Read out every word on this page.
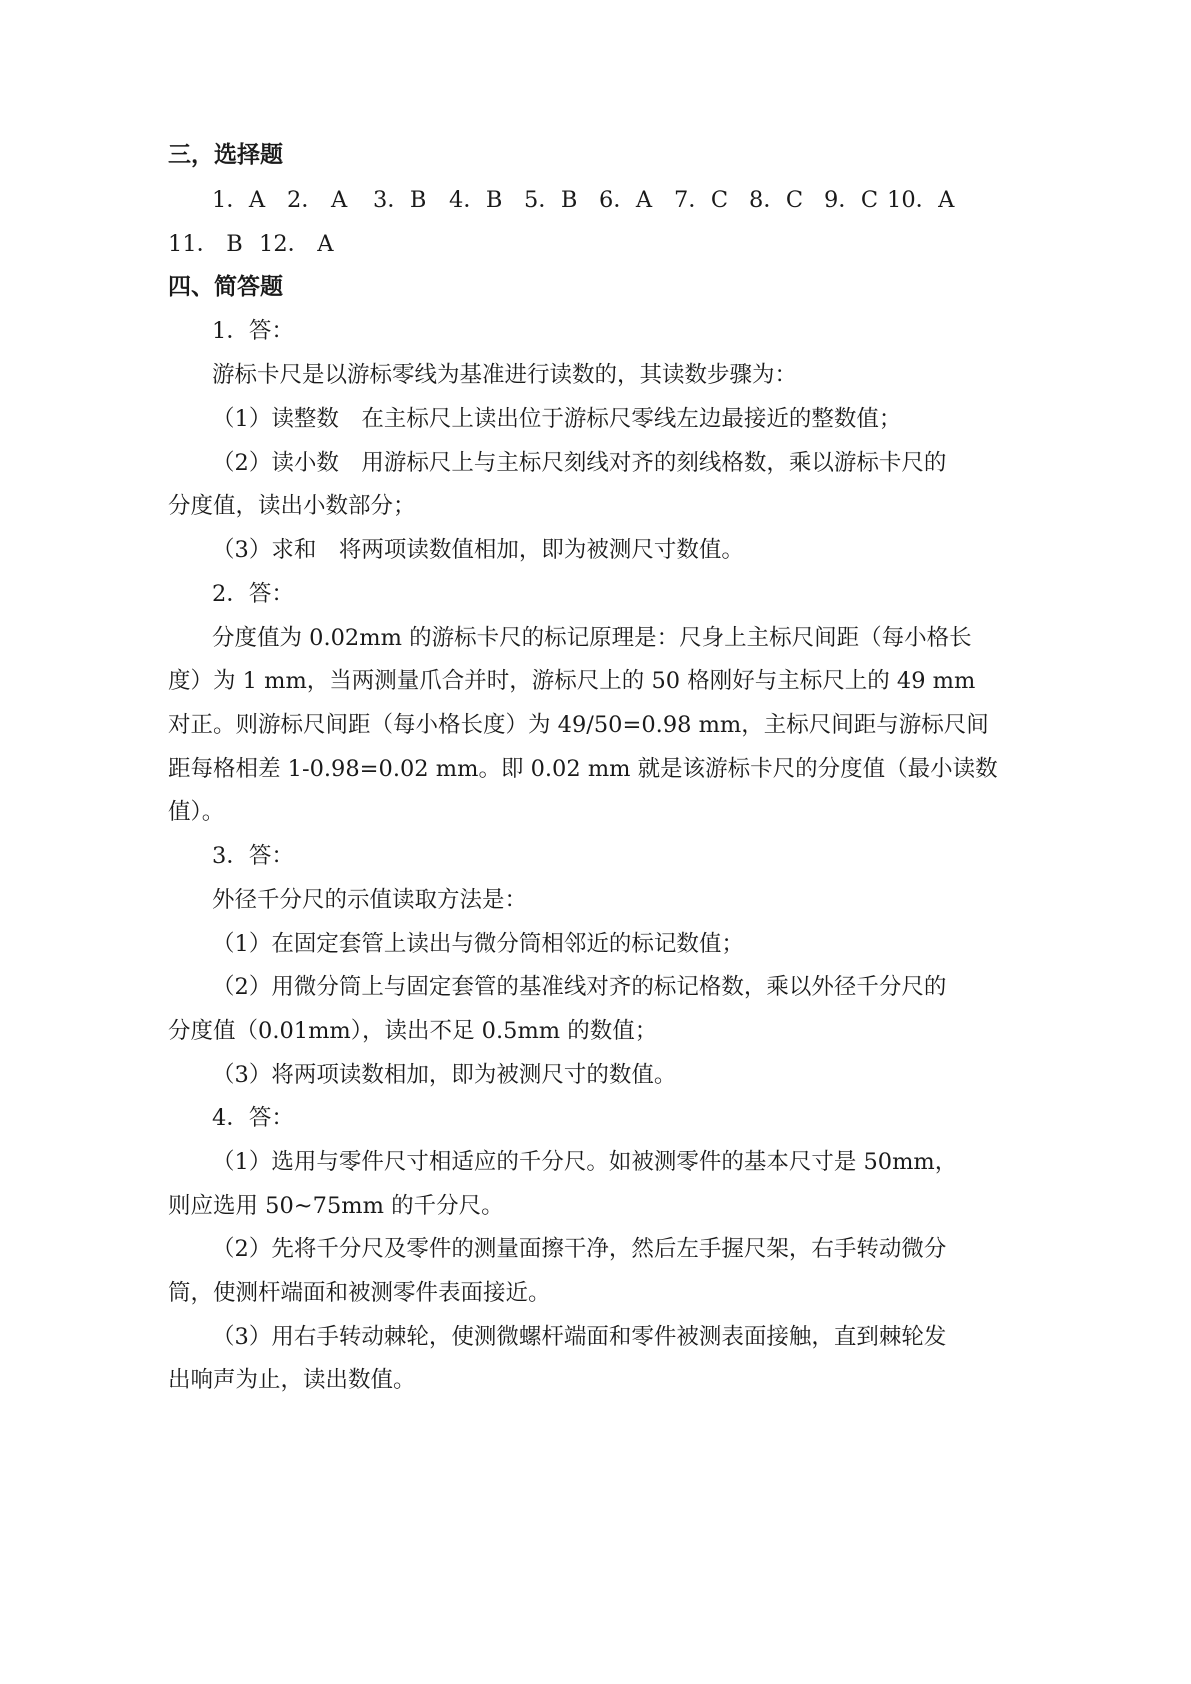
三，选择题
1．A 2． A 3．B 4．B 5．B 6．A 7．C 8．C 9．C 10．A
11． B 12． A
四、简答题
1．答：
游标卡尺是以游标零线为基准进行读数的，其读数步骤为：
（1）读整数　在主标尺上读出位于游标尺零线左边最接近的整数值；
（2）读小数　用游标尺上与主标尺刻线对齐的刻线格数，乘以游标卡尺的
分度值，读出小数部分；
（3）求和　将两项读数值相加，即为被测尺寸数值。
2．答：
分度值为 0.02mm 的游标卡尺的标记原理是：尺身上主标尺间距（每小格长
度）为 1 mm，当两测量爪合并时，游标尺上的 50 格刚好与主标尺上的 49 mm
对正。则游标尺间距（每小格长度）为 49/50=0.98 mm，主标尺间距与游标尺间
距每格相差 1-0.98=0.02 mm。即 0.02 mm 就是该游标卡尺的分度值（最小读数
值）。
3．答：
外径千分尺的示值读取方法是：
（1）在固定套管上读出与微分筒相邻近的标记数值；
（2）用微分筒上与固定套管的基准线对齐的标记格数，乘以外径千分尺的
分度值（0.01mm），读出不足 0.5mm 的数值；
（3）将两项读数相加，即为被测尺寸的数值。
4．答：
（1）选用与零件尺寸相适应的千分尺。如被测零件的基本尺寸是 50mm，
则应选用 50~75mm 的千分尺。
（2）先将千分尺及零件的测量面擦干净，然后左手握尺架，右手转动微分
筒，使测杆端面和被测零件表面接近。
（3）用右手转动棘轮，使测微螺杆端面和零件被测表面接触，直到棘轮发
出响声为止，读出数值。
